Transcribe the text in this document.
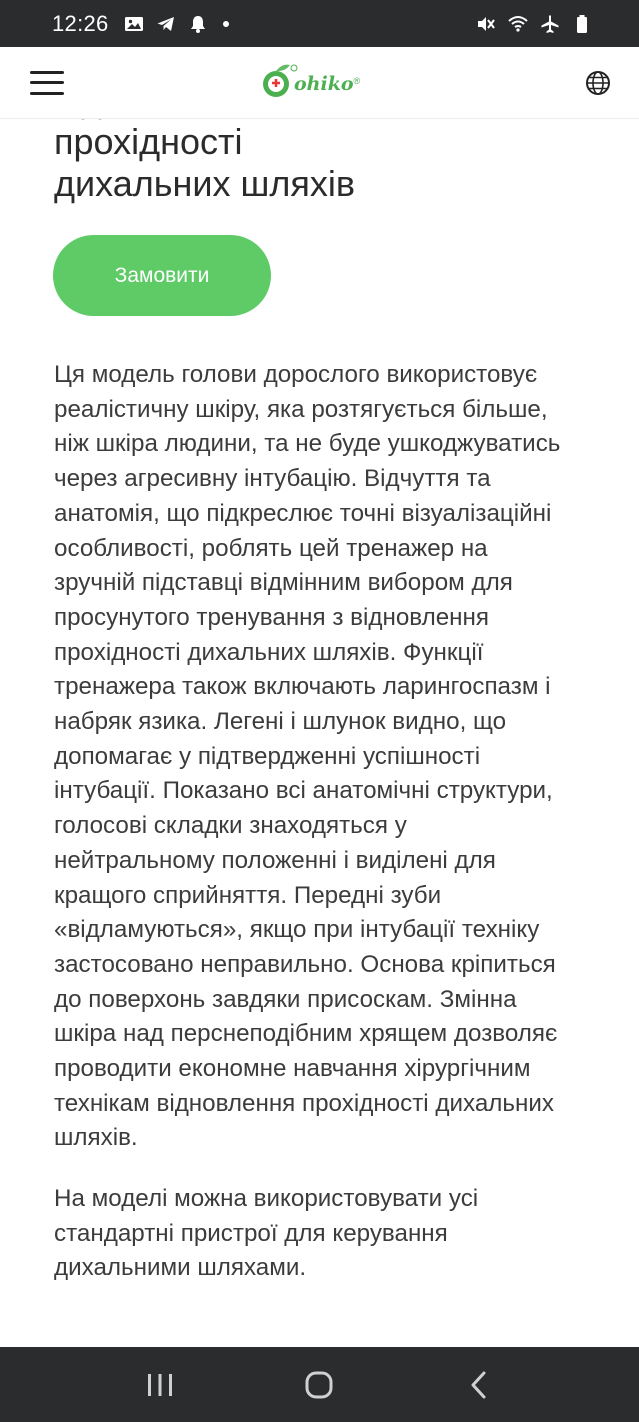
12:26
ohiko ®
прохідності
дихальних шляхів
Замовити
Ця модель голови дорослого використовує
реалістичну шкіру, яка розтягується більше,
ніж шкіра людини, та не буде ушкоджуватись
через агресивну інтубацію. Відчуття та
анатомія, що підкреслює точні візуалізаційні
особливості, роблять цей тренажер на
зручній підставці відмінним вибором для
просунутого тренування з відновлення
прохідності дихальних шляхів. Функції
тренажера також включають ларингоспазм і
набряк язика. Легені і шлунок видно, що
допомагає у підтвердженні успішності
інтубації. Показано всі анатомічні структури,
голосові складки знаходяться у
нейтральному положенні і виділені для
кращого сприйняття. Передні зуби
«відламуються», якщо при інтубації техніку
застосовано неправильно. Основа кріпиться
до поверхонь завдяки присоскам. Змінна
шкіра над перснеподібним хрящем дозволяє
проводити економне навчання хірургічним
технікам відновлення прохідності дихальних
шляхів.
На моделі можна використовувати усі
стандартні пристрої для керування
дихальними шляхами.
